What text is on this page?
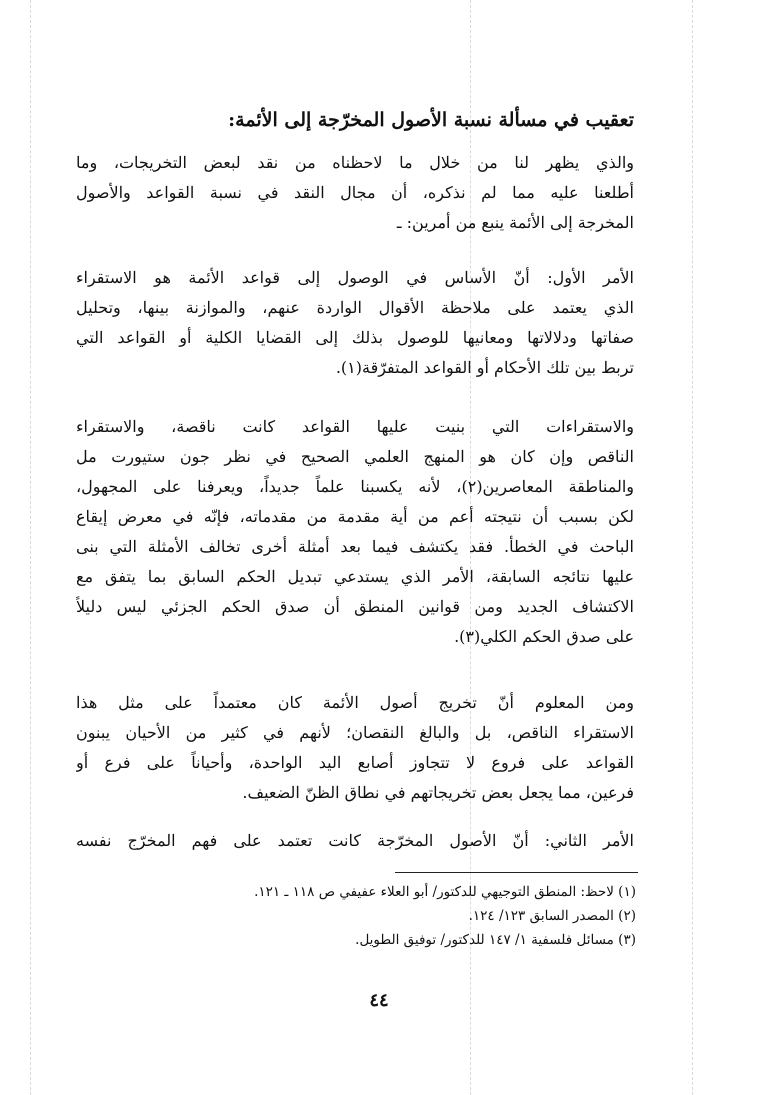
تعقيب في مسألة نسبة الأصول المخرّجة إلى الأئمة:

والذي يظهر لنا من خلال ما لاحظناه من نقد لبعض التخريجات، وما
أطلعنا عليه مما لم نذكره، أن مجال النقد في نسبة القواعد والأصول
المخرجة إلى الأئمة ينبع من أمرين: ـ

الأمر الأول: أنّ الأساس في الوصول إلى قواعد الأئمة هو الاستقراء
الذي يعتمد على ملاحظة الأقوال الواردة عنهم، والموازنة بينها، وتحليل
صفاتها ودلالاتها ومعانيها للوصول بذلك إلى القضايا الكلية أو القواعد التي
تربط بين تلك الأحكام أو القواعد المتفرّقة(١).

والاستقراءات التي بنيت عليها القواعد كانت ناقصة، والاستقراء
الناقص وإن كان هو المنهج العلمي الصحيح في نظر جون ستيورت مل
والمناطقة المعاصرين(٢)، لأنه يكسبنا علماً جديداً، ويعرفنا على المجهول،
لكن بسبب أن نتيجته أعم من أية مقدمة من مقدماته، فإنّه في معرض إيقاع
الباحث في الخطأ. فقد يكتشف فيما بعد أمثلة أخرى تخالف الأمثلة التي بنى
عليها نتائجه السابقة، الأمر الذي يستدعي تبديل الحكم السابق بما يتفق مع
الاكتشاف الجديد ومن قوانين المنطق أن صدق الحكم الجزئي ليس دليلاً
على صدق الحكم الكلي(٣).

ومن المعلوم أنّ تخريج أصول الأئمة كان معتمداً على مثل هذا
الاستقراء الناقص، بل والبالغ النقصان؛ لأنهم في كثير من الأحيان يبنون
القواعد على فروع لا تتجاوز أصابع اليد الواحدة، وأحياناً على فرع أو
فرعين، مما يجعل بعض تخريجاتهم في نطاق الظنّ الضعيف.

الأمر الثاني: أنّ الأصول المخرّجة كانت تعتمد على فهم المخرّج نفسه

(١) لاحظ: المنطق التوجيهي للدكتور/ أبو العلاء عفيفي ص ١١٨ ـ ١٢١.
(٢) المصدر السابق ١٢٣/ ١٢٤.
(٣) مسائل فلسفية ١/ ١٤٧ للدكتور/ توفيق الطويل.
٤٤
